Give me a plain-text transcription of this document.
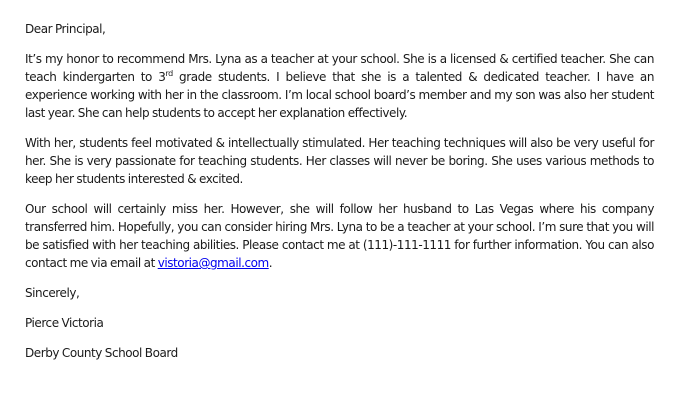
Dear Principal,

It’s my honor to recommend Mrs. Lyna as a teacher at your school. She is a licensed & certified teacher. She can teach kindergarten to 3rd grade students. I believe that she is a talented & dedicated teacher. I have an experience working with her in the classroom. I’m local school board’s member and my son was also her student last year. She can help students to accept her explanation effectively.

With her, students feel motivated & intellectually stimulated. Her teaching techniques will also be very useful for her. She is very passionate for teaching students. Her classes will never be boring. She uses various methods to keep her students interested & excited.

Our school will certainly miss her. However, she will follow her husband to Las Vegas where his company transferred him. Hopefully, you can consider hiring Mrs. Lyna to be a teacher at your school. I’m sure that you will be satisfied with her teaching abilities. Please contact me at (111)-111-1111 for further information. You can also contact me via email at vistoria@gmail.com.

Sincerely,

Pierce Victoria

Derby County School Board
